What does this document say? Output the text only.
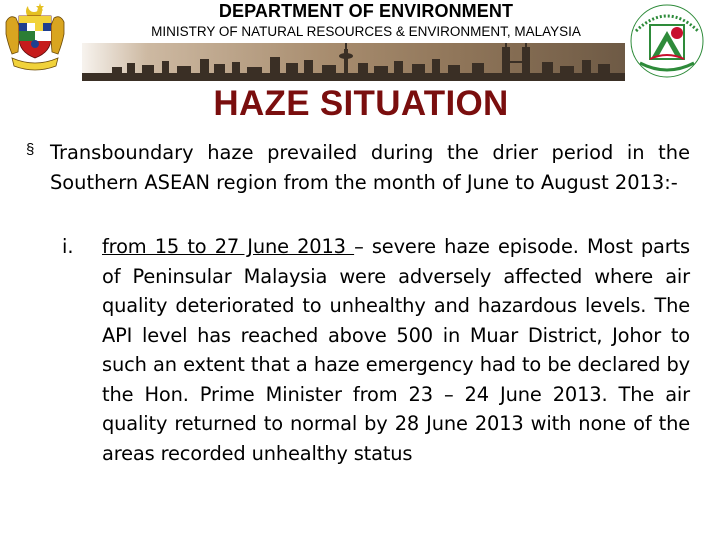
DEPARTMENT OF ENVIRONMENT
MINISTRY OF NATURAL RESOURCES & ENVIRONMENT, MALAYSIA
HAZE SITUATION
§ Transboundary haze prevailed during the drier period in the Southern ASEAN region from the month of June to August 2013:-
i. from 15 to 27 June 2013 – severe haze episode. Most parts of Peninsular Malaysia were adversely affected where air quality deteriorated to unhealthy and hazardous levels. The API level has reached above 500 in Muar District, Johor to such an extent that a haze emergency had to be declared by the Hon. Prime Minister from 23 – 24 June 2013. The air quality returned to normal by 28 June 2013 with none of the areas recorded unhealthy status
